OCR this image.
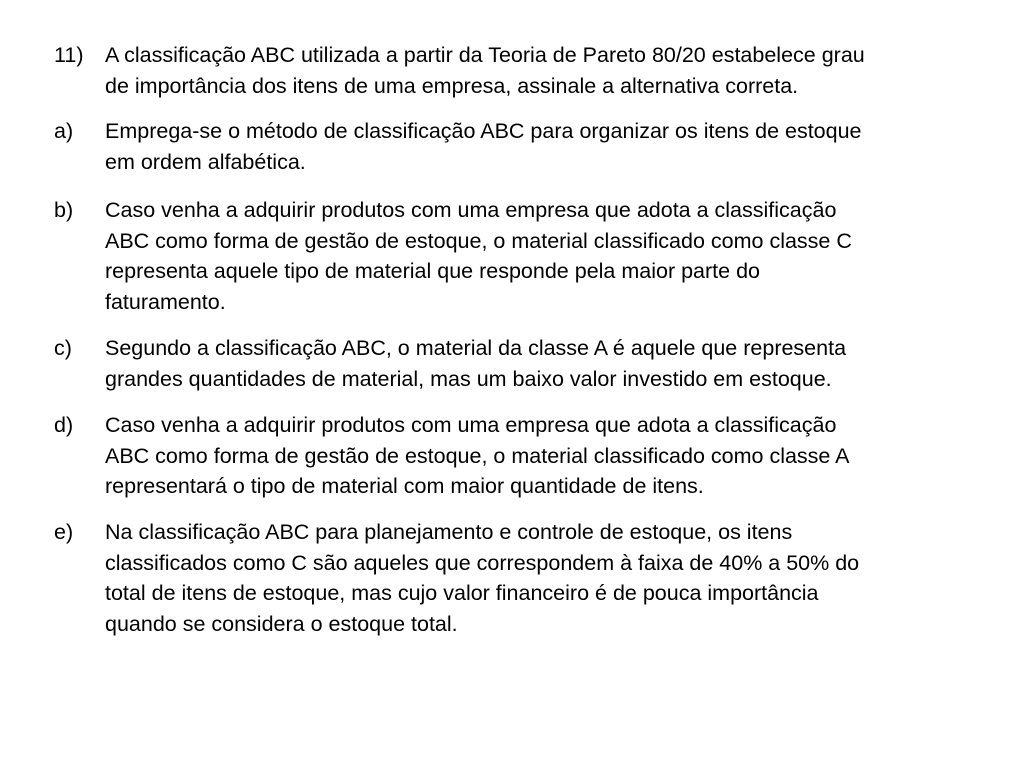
11) A classificação ABC utilizada a partir da Teoria de Pareto 80/20 estabelece grau
de importância dos itens de uma empresa, assinale a alternativa correta.
a) Emprega-se o método de classificação ABC para organizar os itens de estoque
em ordem alfabética.
b) Caso venha a adquirir produtos com uma empresa que adota a classificação
ABC como forma de gestão de estoque, o material classificado como classe C
representa aquele tipo de material que responde pela maior parte do
faturamento.
c) Segundo a classificação ABC, o material da classe A é aquele que representa
grandes quantidades de material, mas um baixo valor investido em estoque.
d) Caso venha a adquirir produtos com uma empresa que adota a classificação
ABC como forma de gestão de estoque, o material classificado como classe A
representará o tipo de material com maior quantidade de itens.
e) Na classificação ABC para planejamento e controle de estoque, os itens
classificados como C são aqueles que correspondem à faixa de 40% a 50% do
total de itens de estoque, mas cujo valor financeiro é de pouca importância
quando se considera o estoque total.
